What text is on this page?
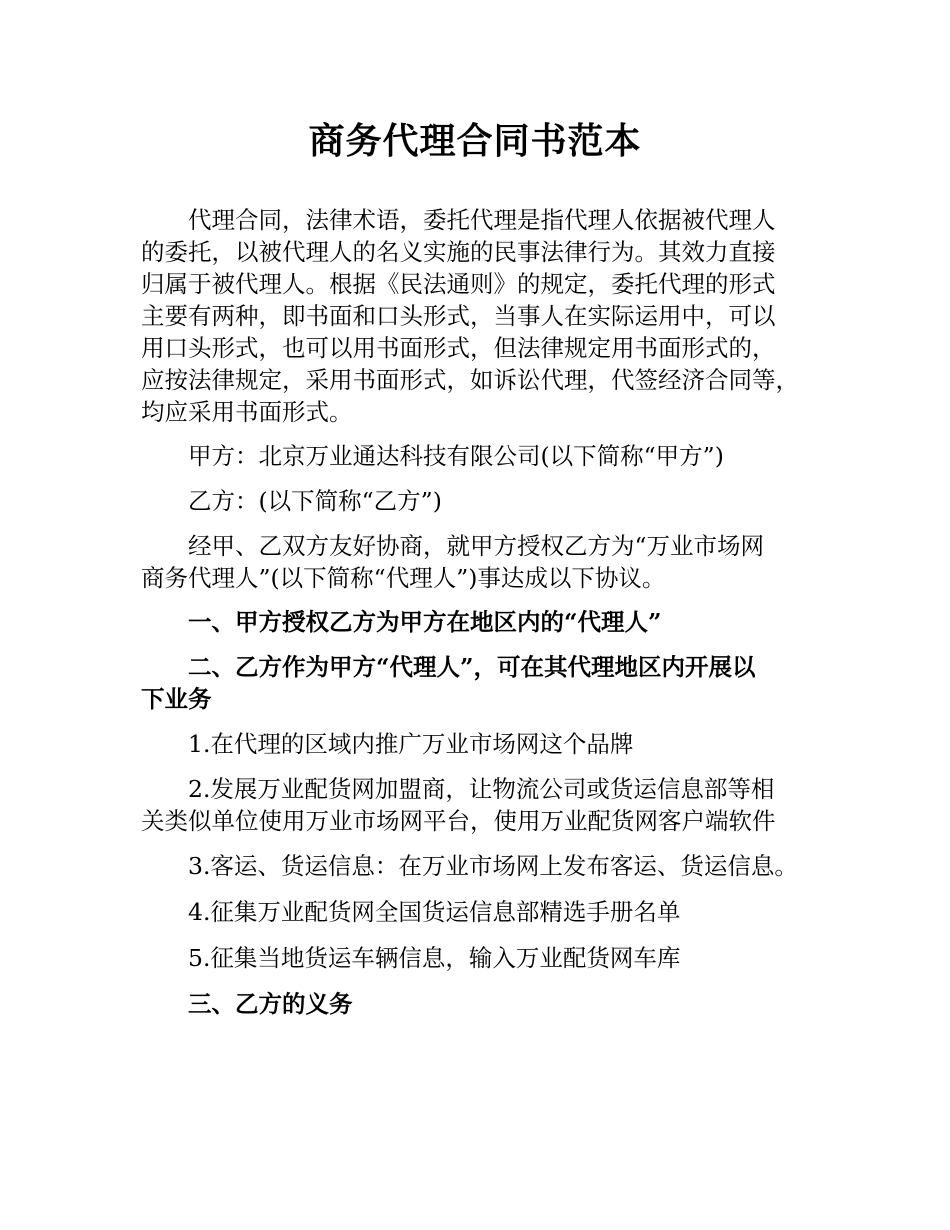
商务代理合同书范本
代理合同，法律术语，委托代理是指代理人依据被代理人
的委托，以被代理人的名义实施的民事法律行为。其效力直接
归属于被代理人。根据《民法通则》的规定，委托代理的形式
主要有两种，即书面和口头形式，当事人在实际运用中，可以
用口头形式，也可以用书面形式，但法律规定用书面形式的，
应按法律规定，采用书面形式，如诉讼代理，代签经济合同等，
均应采用书面形式。
甲方：北京万业通达科技有限公司(以下简称“甲方”)
乙方：(以下简称“乙方”)
经甲、乙双方友好协商，就甲方授权乙方为“万业市场网
商务代理人”(以下简称“代理人”)事达成以下协议。
一、甲方授权乙方为甲方在地区内的“代理人”
二、乙方作为甲方“代理人”，可在其代理地区内开展以
下业务
1.在代理的区域内推广万业市场网这个品牌
2.发展万业配货网加盟商，让物流公司或货运信息部等相
关类似单位使用万业市场网平台，使用万业配货网客户端软件
3.客运、货运信息：在万业市场网上发布客运、货运信息。
4.征集万业配货网全国货运信息部精选手册名单
5.征集当地货运车辆信息，输入万业配货网车库
三、乙方的义务
